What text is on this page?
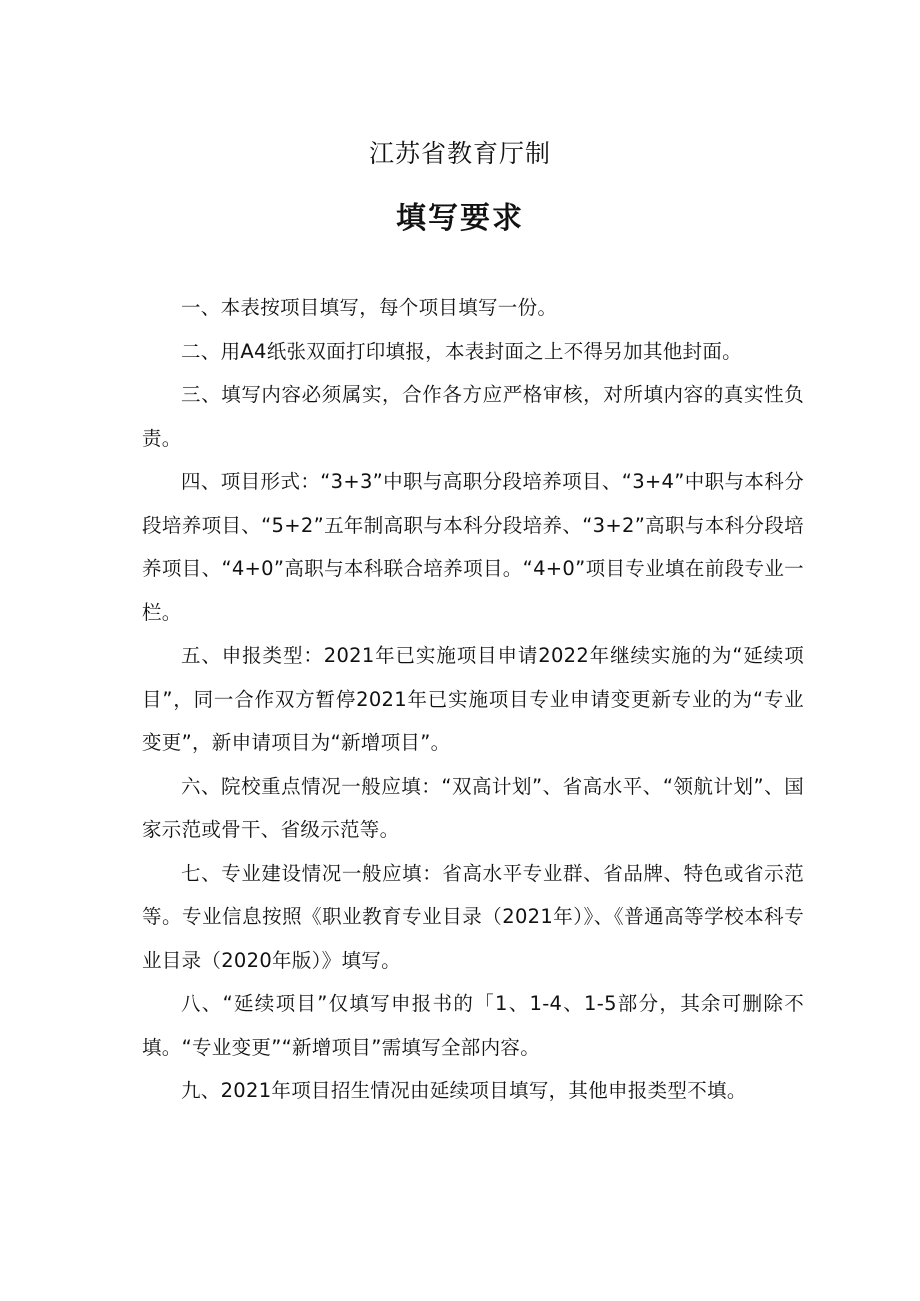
江苏省教育厅制
填写要求

一、本表按项目填写，每个项目填写一份。

二、用A4纸张双面打印填报，本表封面之上不得另加其他封面。

三、填写内容必须属实，合作各方应严格审核，对所填内容的真实性负责。

四、项目形式：“3+3”中职与高职分段培养项目、“3+4”中职与本科分段培养项目、“5+2”五年制高职与本科分段培养、“3+2”高职与本科分段培养项目、“4+0”高职与本科联合培养项目。“4+0”项目专业填在前段专业一栏。

五、申报类型：2021年已实施项目申请2022年继续实施的为“延续项目”，同一合作双方暂停2021年已实施项目专业申请变更新专业的为“专业变更”，新申请项目为“新增项目”。

六、院校重点情况一般应填：“双高计划”、省高水平、“领航计划”、国家示范或骨干、省级示范等。

七、专业建设情况一般应填：省高水平专业群、省品牌、特色或省示范等。专业信息按照《职业教育专业目录（2021年）》、《普通高等学校本科专业目录（2020年版）》填写。

八、“延续项目”仅填写申报书的「1、1-4、1-5部分，其余可删除不填。“专业变更”“新增项目”需填写全部内容。

九、2021年项目招生情况由延续项目填写，其他申报类型不填。
